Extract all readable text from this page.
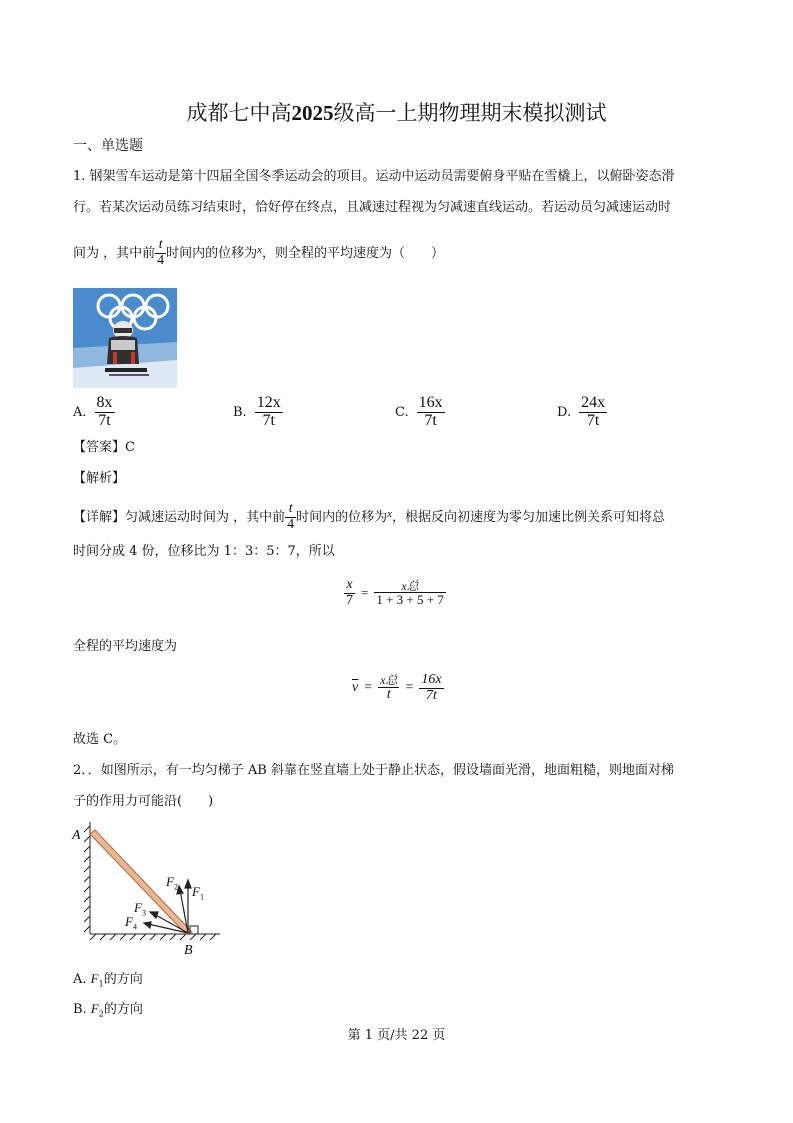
成都七中高2025级高一上期物理期末模拟测试
一、单选题
1. 钢架雪车运动是第十四届全国冬季运动会的项目。运动中运动员需要俯身平贴在雪橇上，以俯卧姿态滑
行。若某次运动员练习结束时，恰好停在终点，且减速过程视为匀减速直线运动。若运动员匀减速运动时
间为 ，其中前 $\frac{t}{4}$ 时间内的位移为 x ，则全程的平均速度为（　　）
A. $\frac{8x}{7t}$	B. $\frac{12x}{7t}$	C. $\frac{16x}{7t}$	D. $\frac{24x}{7t}$
【答案】C
【解析】
【详解】匀减速运动时间为 ，其中前 $\frac{t}{4}$ 时间内的位移为 x ，根据反向初速度为零匀加速比例关系可知将总
时间分成 4 份，位移比为 1：3：5：7，所以
$\frac{x}{7} = \frac{\text{x总}}{1 + 3 + 5 + 7}$
全程的平均速度为
$\overline{v} = \frac{\text{x总}}{t} = \frac{16x}{7t}$
故选 C。
2．．如图所示，有一均匀梯子 AB 斜靠在竖直墙上处于静止状态，假设墙面光滑，地面粗糙，则地面对梯
子的作用力可能沿(　　)
A
B
$F_1$
$F_2$
$F_3$
$F_4$
A. $F_1$的方向
B. $F_2$的方向
第 1 页/共 22 页
